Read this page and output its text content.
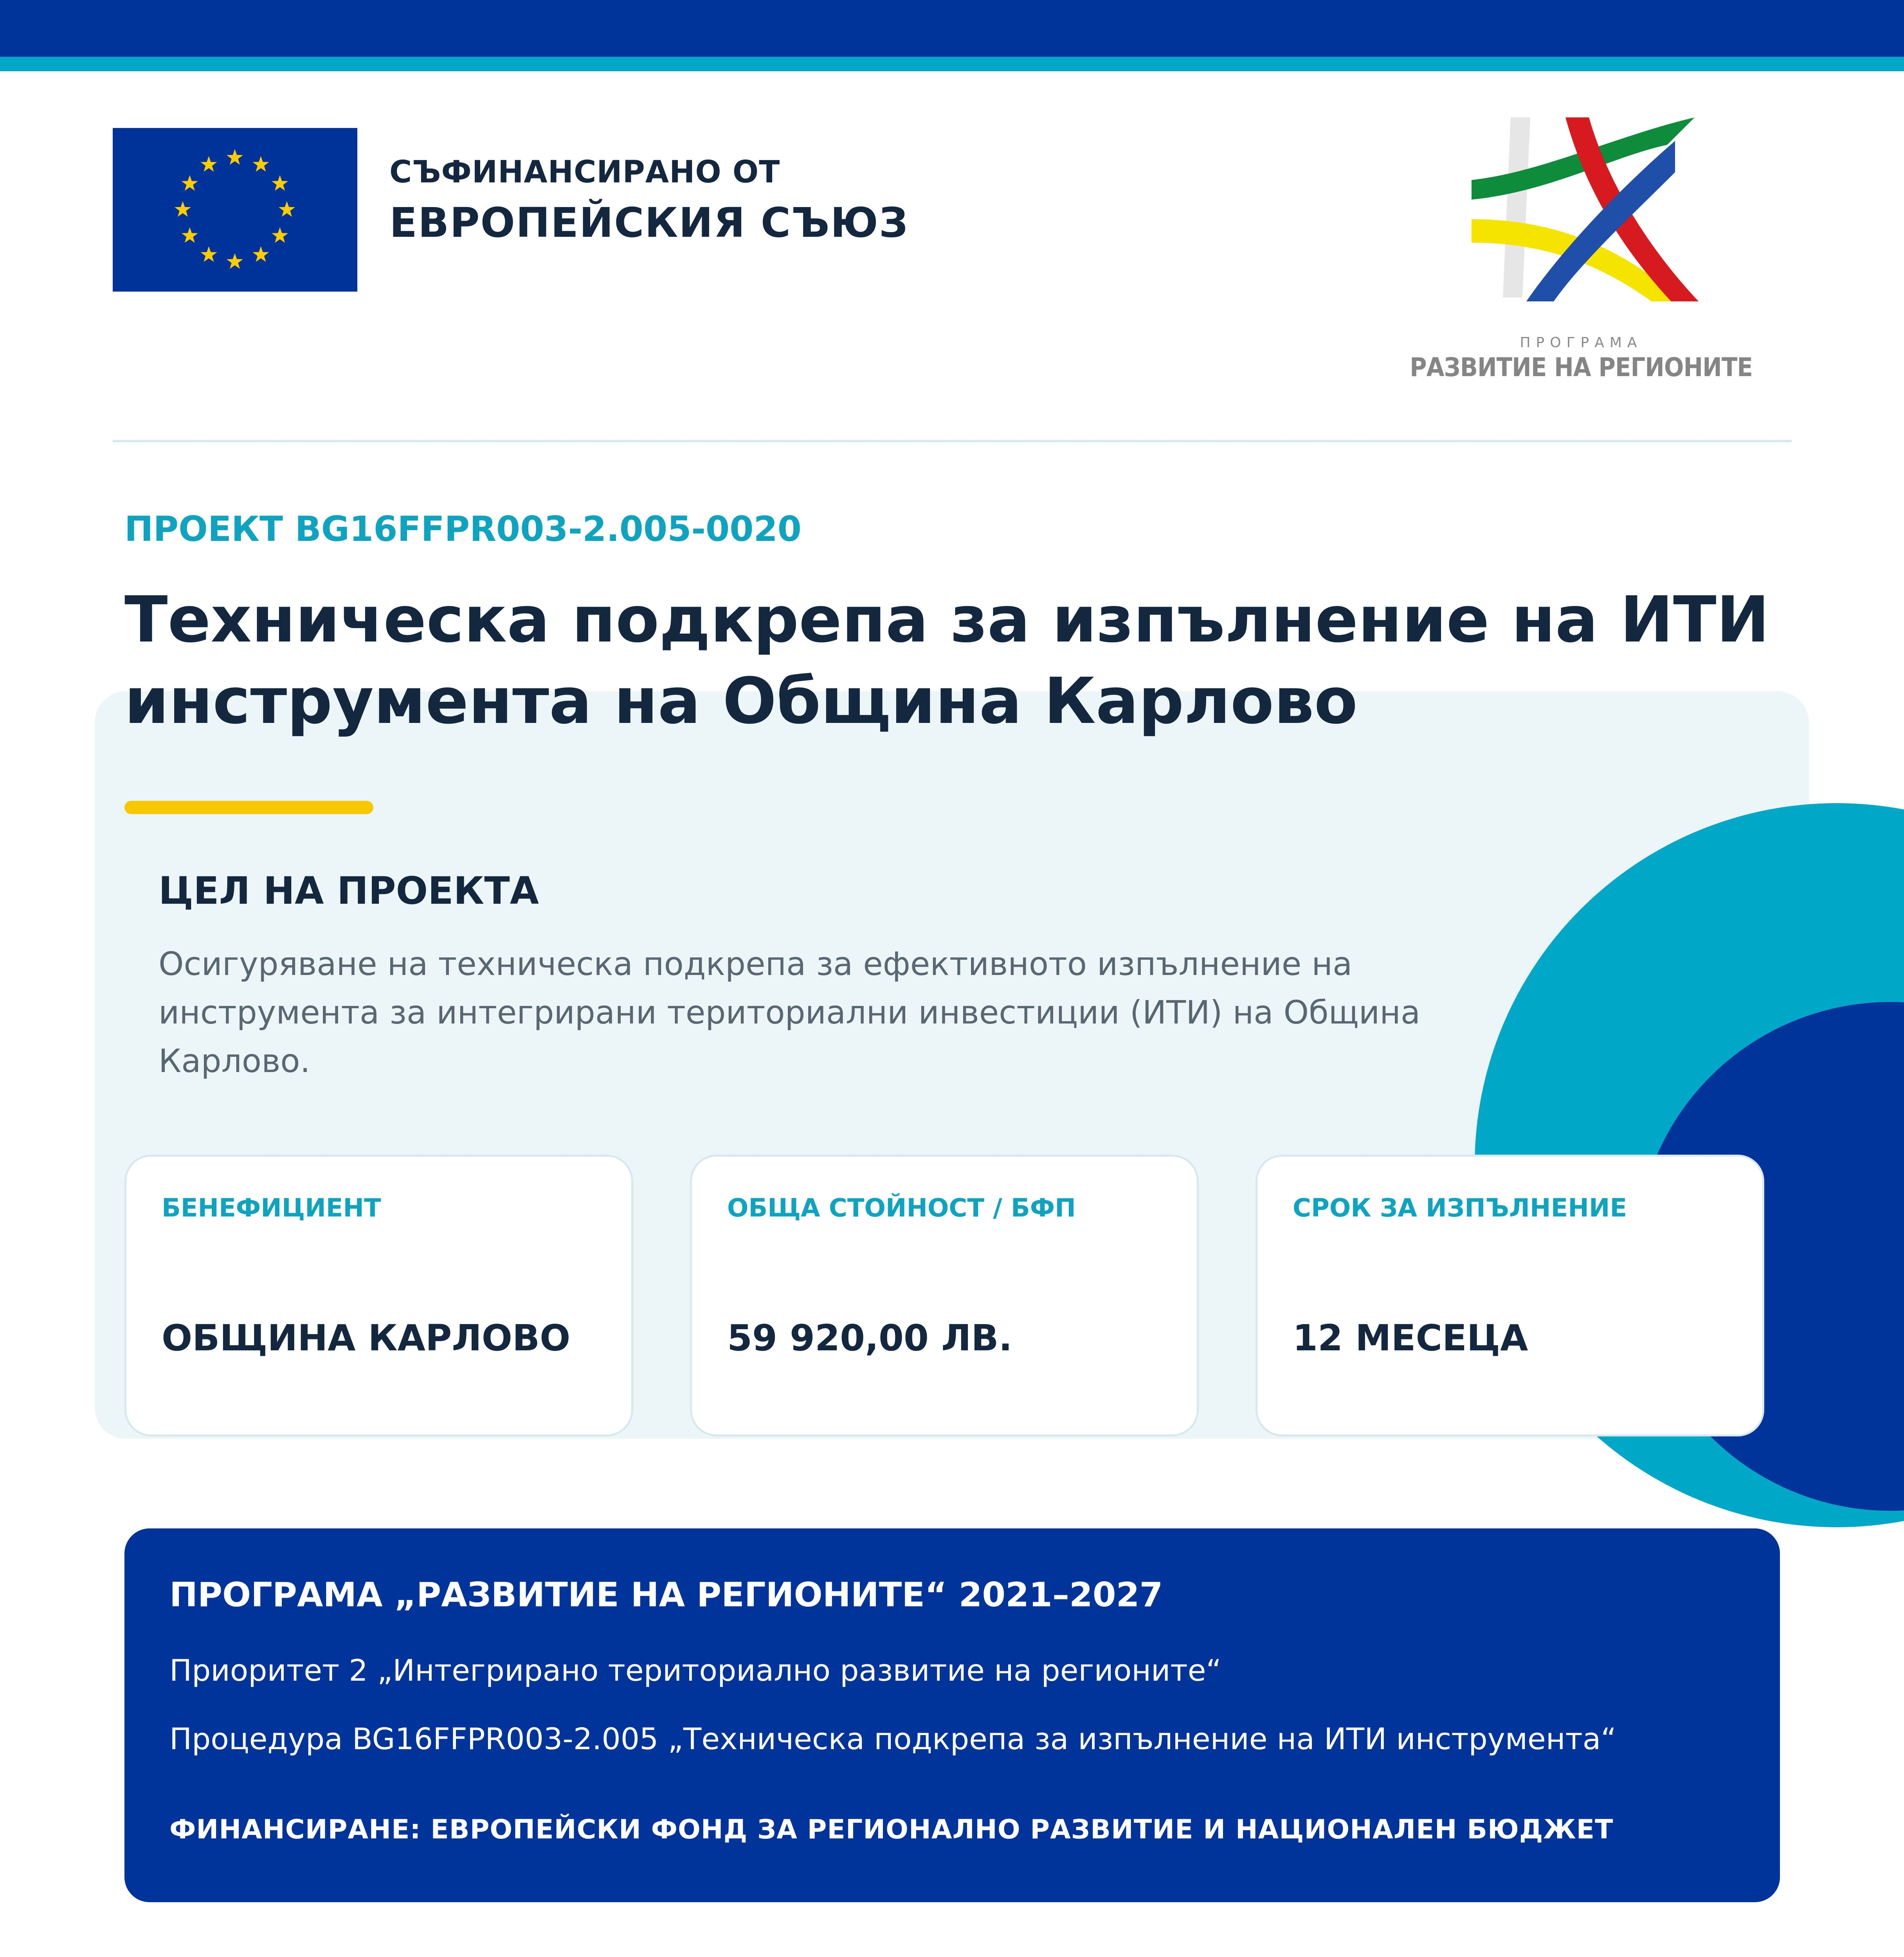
СЪФИНАНСИРАНО ОТ
ЕВРОПЕЙСКИЯ СЪЮЗ
ПРОГРАМА
РАЗВИТИЕ НА РЕГИОНИТЕ
ПРОЕКТ BG16FFPR003-2.005-0020
Техническа подкрепа за изпълнение на ИТИ
инструмента на Община Карлово
ЦЕЛ НА ПРОЕКТА
Осигуряване на техническа подкрепа за ефективното изпълнение на инструмента за интегрирани териториални инвестиции (ИТИ) на Община Карлово.
БЕНЕФИЦИЕНТ
ОБЩИНА КАРЛОВО
ОБЩА СТОЙНОСТ / БФП
59 920,00 ЛВ.
СРОК ЗА ИЗПЪЛНЕНИЕ
12 МЕСЕЦА
ПРОГРАМА „РАЗВИТИЕ НА РЕГИОНИТЕ“ 2021–2027
Приоритет 2 „Интегрирано териториално развитие на регионите“
Процедура BG16FFPR003-2.005 „Техническа подкрепа за изпълнение на ИТИ инструмента“
ФИНАНСИРАНЕ: ЕВРОПЕЙСКИ ФОНД ЗА РЕГИОНАЛНО РАЗВИТИЕ И НАЦИОНАЛЕН БЮДЖЕТ
